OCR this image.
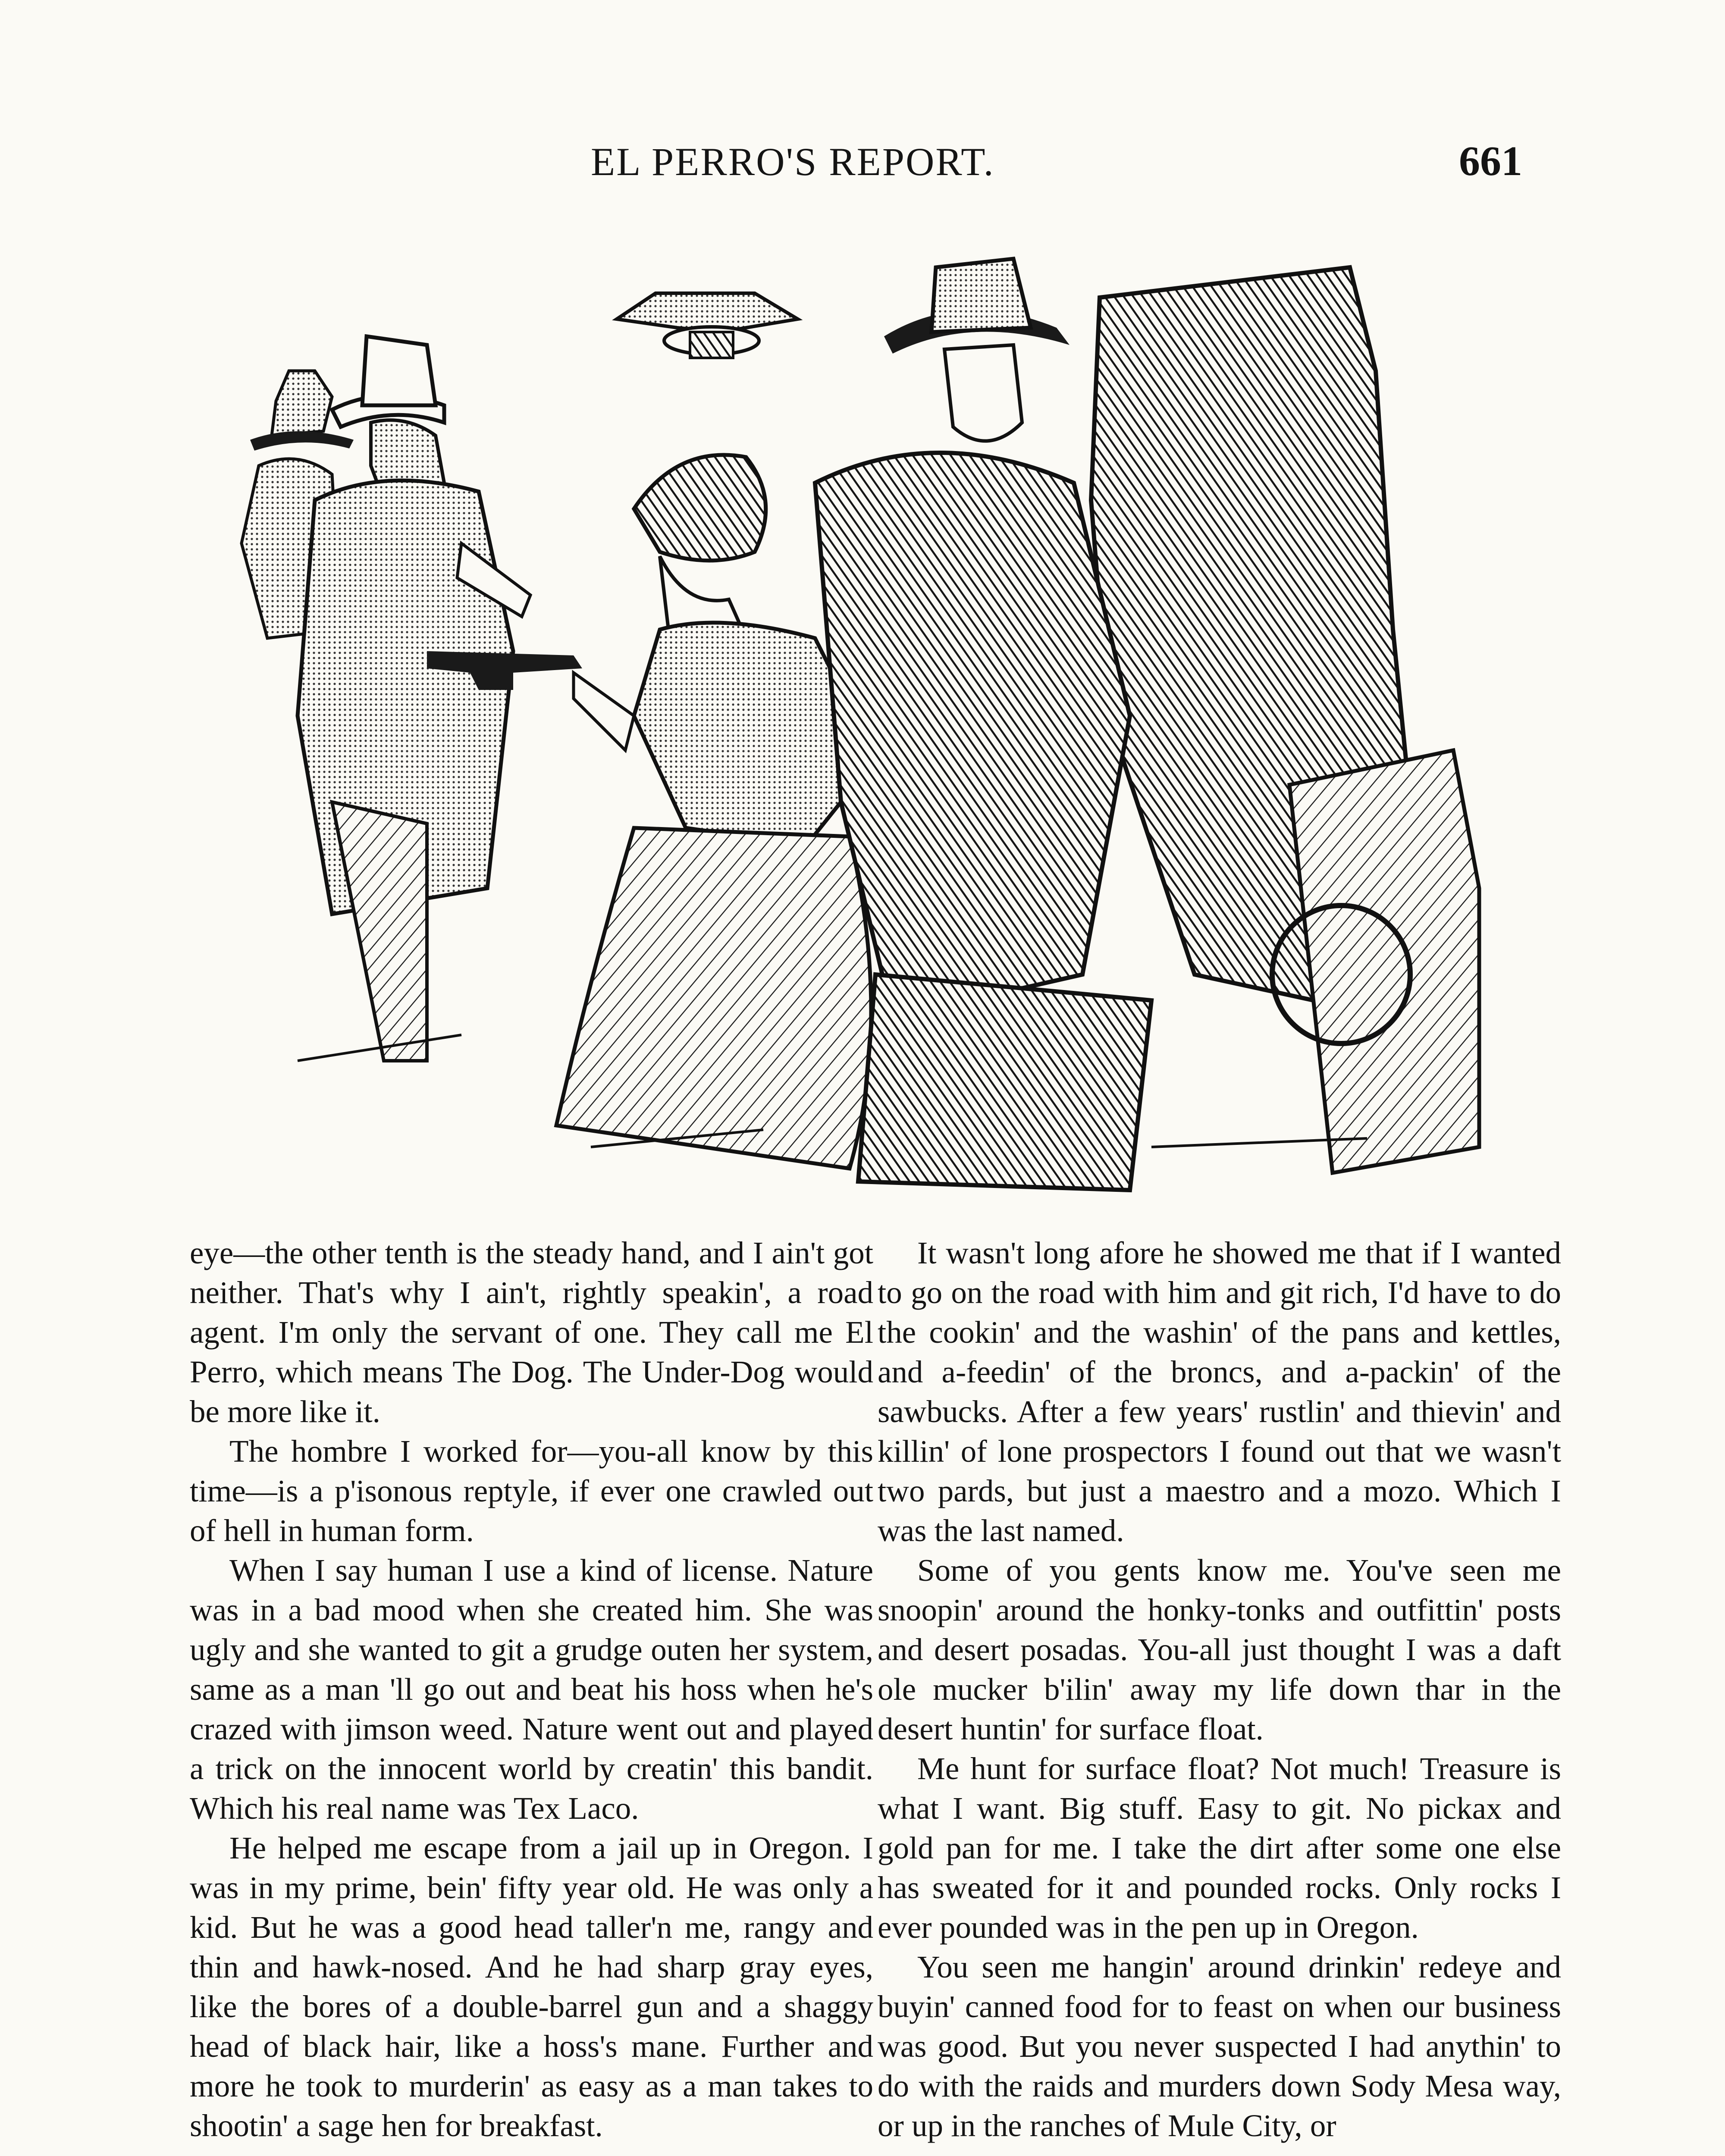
EL PERRO'S REPORT.	661

eye—the other tenth is the steady hand, and I ain't got neither. That's why I ain't, rightly speakin', a road agent. I'm only the servant of one. They call me El Perro, which means The Dog. The Under-Dog would be more like it.

The hombre I worked for—you-all know by this time—is a p'isonous reptyle, if ever one crawled out of hell in human form.

When I say human I use a kind of license. Nature was in a bad mood when she created him. She was ugly and she wanted to git a grudge outen her system, same as a man 'll go out and beat his hoss when he's crazed with jimson weed. Nature went out and played a trick on the innocent world by creatin' this bandit. Which his real name was Tex Laco.

He helped me escape from a jail up in Oregon. I was in my prime, bein' fifty year old. He was only a kid. But he was a good head taller'n me, rangy and thin and hawk-nosed. And he had sharp gray eyes, like the bores of a double-barrel gun and a shaggy head of black hair, like a hoss's mane. Further and more he took to murderin' as easy as a man takes to shootin' a sage hen for breakfast.

It wasn't long afore he showed me that if I wanted to go on the road with him and git rich, I'd have to do the cookin' and the washin' of the pans and kettles, and a-feedin' of the broncs, and a-packin' of the sawbucks. After a few years' rustlin' and thievin' and killin' of lone prospectors I found out that we wasn't two pards, but just a maestro and a mozo. Which I was the last named.

Some of you gents know me. You've seen me snoopin' around the honky-tonks and outfittin' posts and desert posadas. You-all just thought I was a daft ole mucker b'ilin' away my life down thar in the desert huntin' for surface float.

Me hunt for surface float? Not much! Treasure is what I want. Big stuff. Easy to git. No pickax and gold pan for me. I take the dirt after some one else has sweated for it and pounded rocks. Only rocks I ever pounded was in the pen up in Oregon.

You seen me hangin' around drinkin' redeye and buyin' canned food for to feast on when our business was good. But you never suspected I had anythin' to do with the raids and murders down Sody Mesa way, or up in the ranches of Mule City, or
